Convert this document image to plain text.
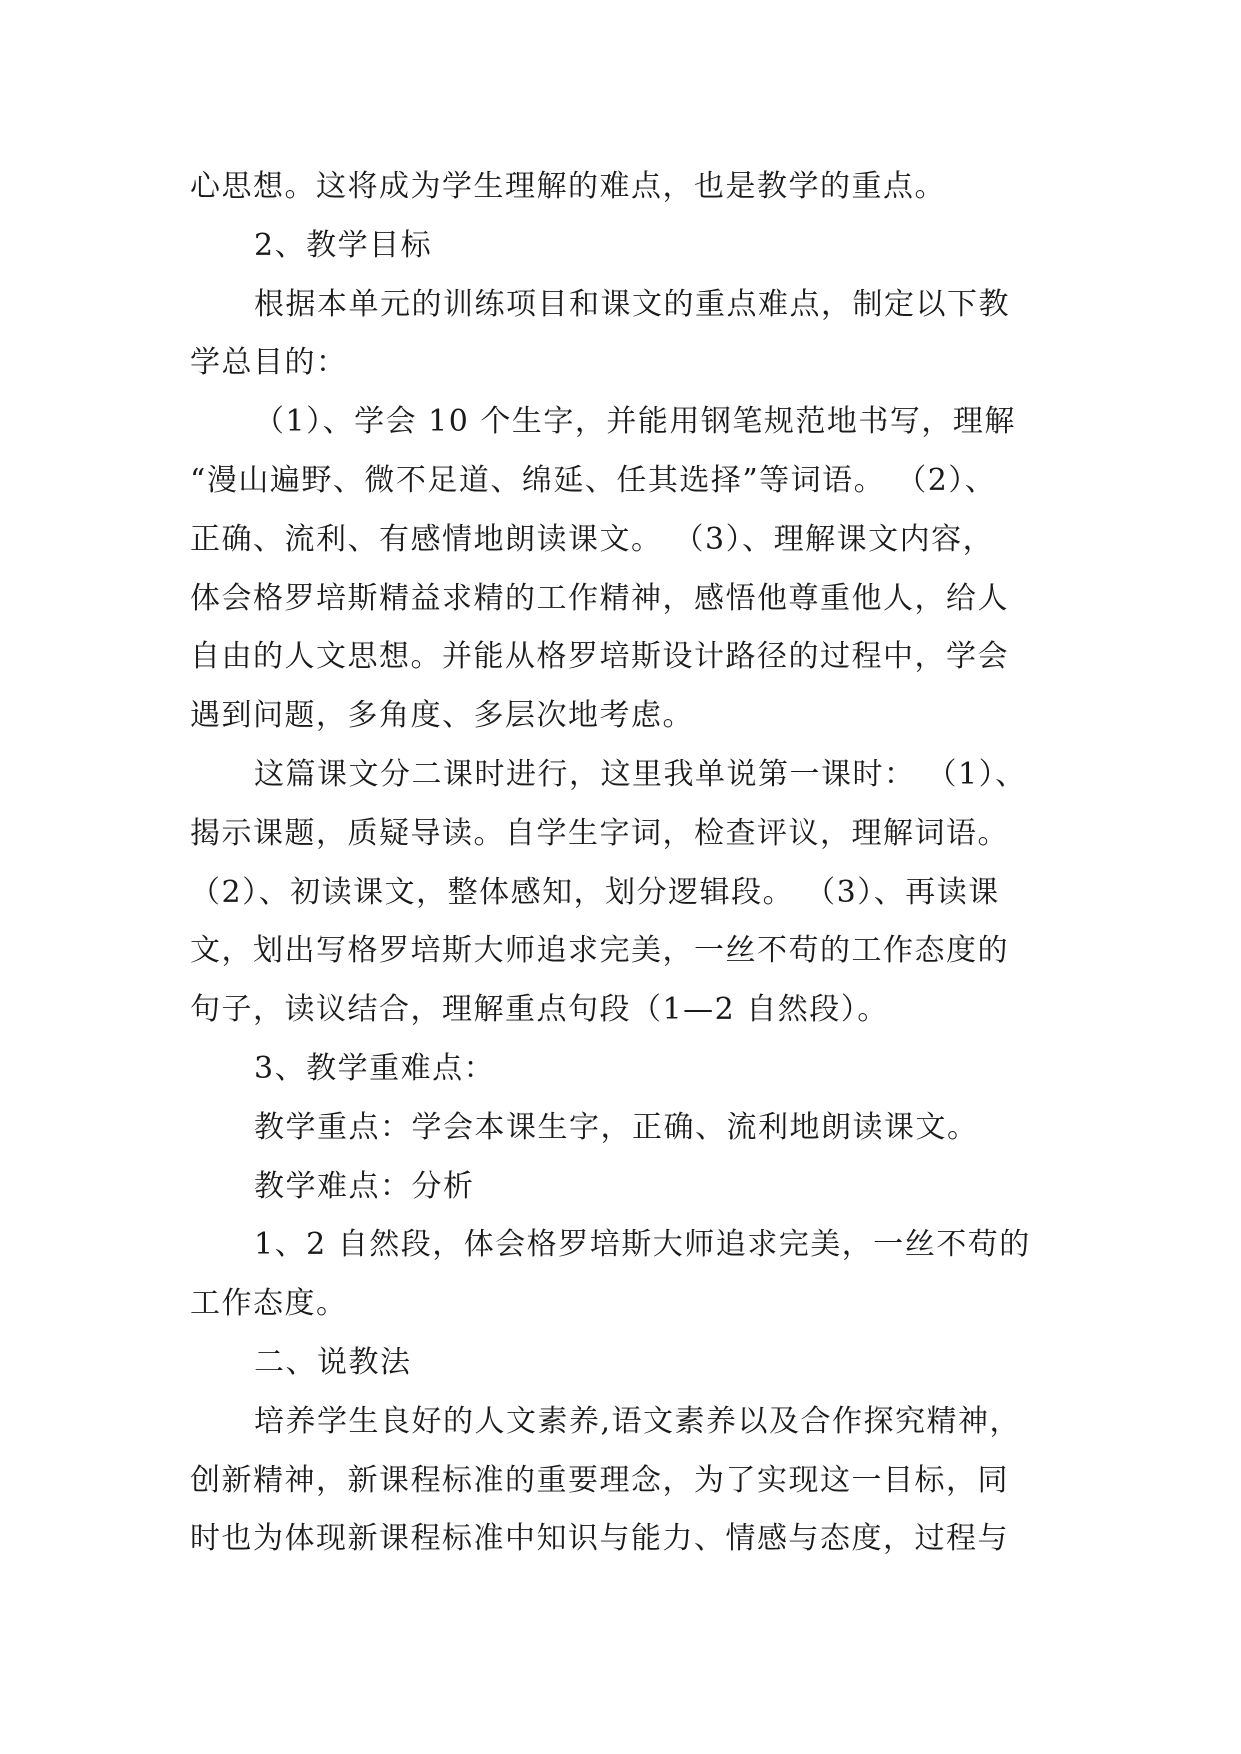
心思想。这将成为学生理解的难点，也是教学的重点。
2、教学目标
根据本单元的训练项目和课文的重点难点，制定以下教
学总目的：
（1）、学会 10 个生字，并能用钢笔规范地书写，理解
“漫山遍野、微不足道、绵延、任其选择”等词语。 （2）、
正确、流利、有感情地朗读课文。 （3）、理解课文内容，
体会格罗培斯精益求精的工作精神，感悟他尊重他人，给人
自由的人文思想。并能从格罗培斯设计路径的过程中，学会
遇到问题，多角度、多层次地考虑。
这篇课文分二课时进行，这里我单说第一课时： （1）、
揭示课题，质疑导读。自学生字词，检查评议，理解词语。
（2）、初读课文，整体感知，划分逻辑段。 （3）、再读课
文，划出写格罗培斯大师追求完美，一丝不苟的工作态度的
句子，读议结合，理解重点句段（1—2 自然段）。
3、教学重难点：
教学重点：学会本课生字，正确、流利地朗读课文。
教学难点：分析
1、2 自然段，体会格罗培斯大师追求完美，一丝不苟的
工作态度。
二、说教法
培养学生良好的人文素养,语文素养以及合作探究精神，
创新精神，新课程标准的重要理念，为了实现这一目标，同
时也为体现新课程标准中知识与能力、情感与态度，过程与
